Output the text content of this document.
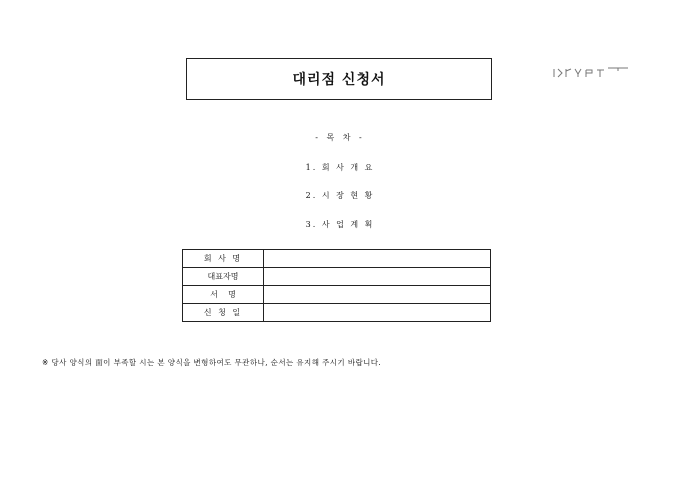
대리점 신청서
- 목 차 -
1. 회 사 개 요
2. 시 장 현 황
3. 사 업 계 획
회 사 명	
대표자명	
서    명	
신 청 일	
※ 당사 양식의 面이 부족할 시는 본 양식을 변형하여도 무관하나, 순서는 유지해 주시기 바랍니다.
